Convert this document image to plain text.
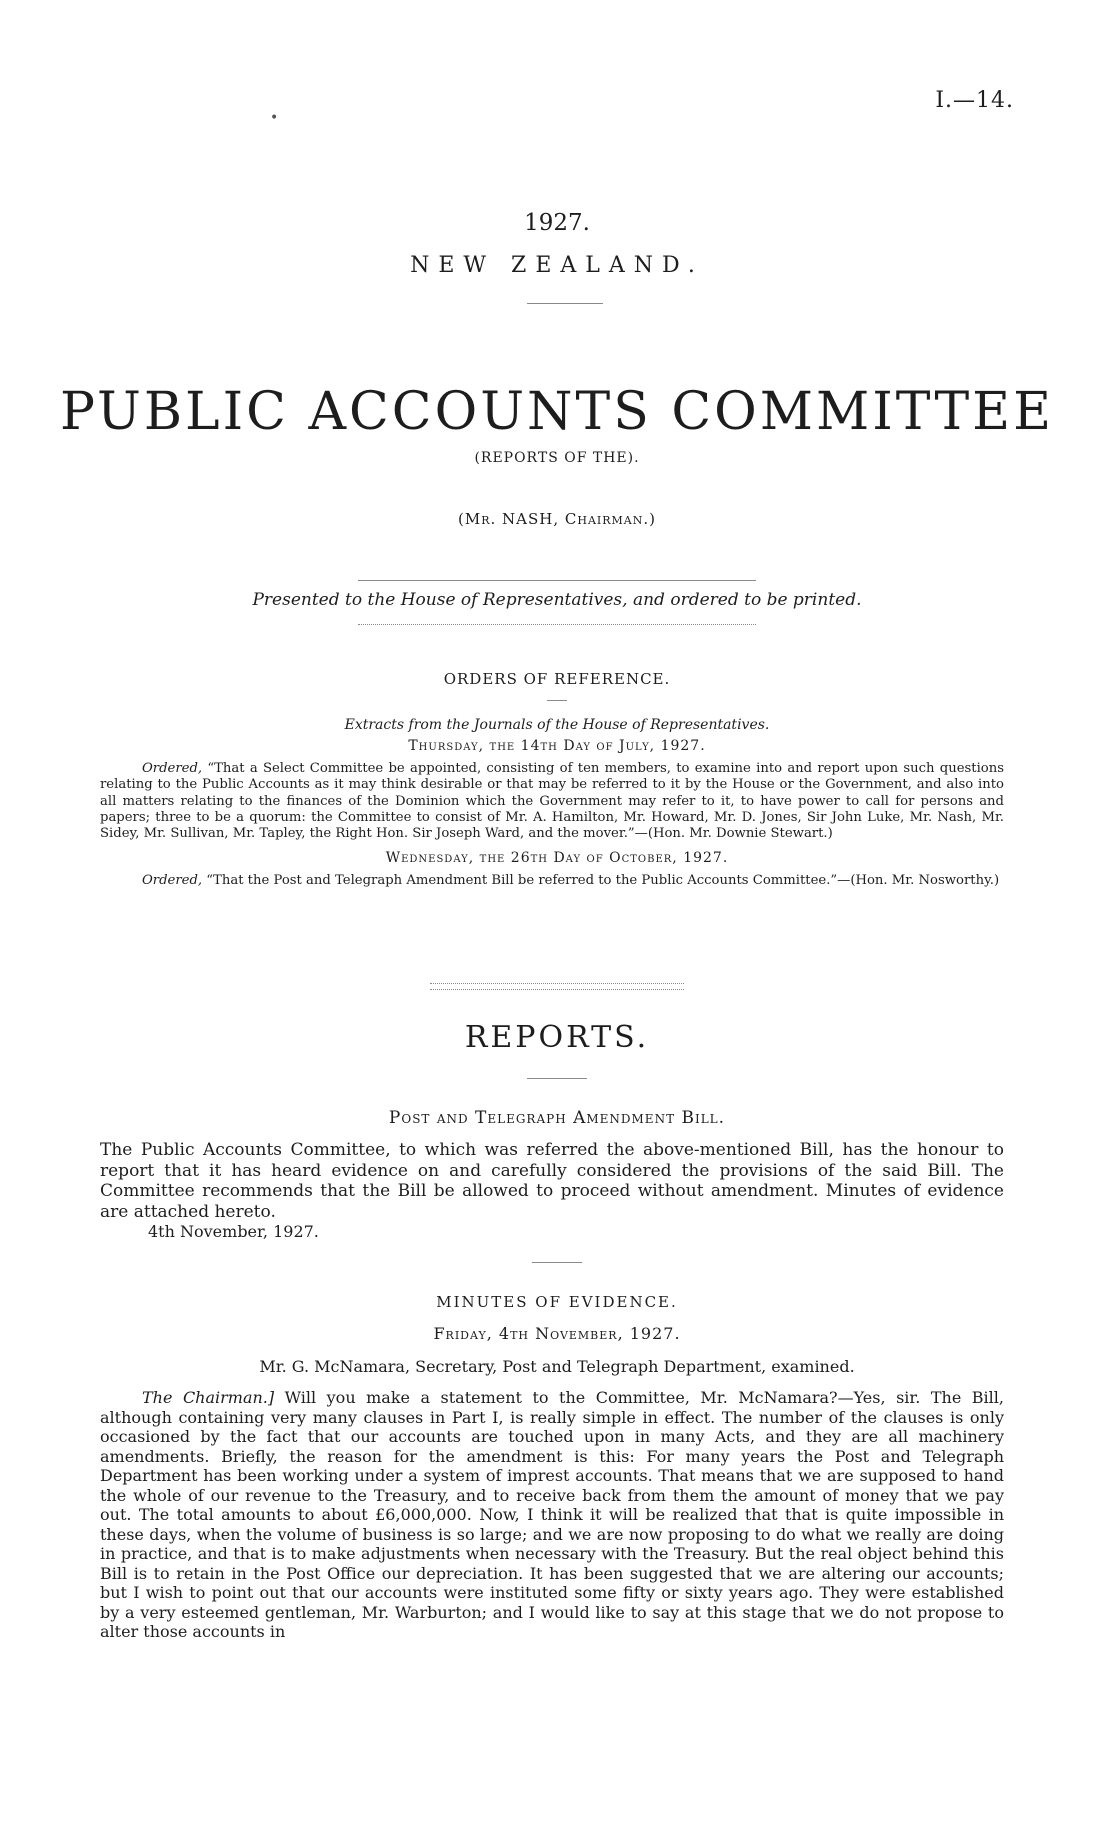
I.—14.
•
1927.
NEW ZEALAND.
PUBLIC ACCOUNTS COMMITTEE
(REPORTS OF THE).
(Mr. NASH, Chairman.)
Presented to the House of Representatives, and ordered to be printed.
ORDERS OF REFERENCE.
Extracts from the Journals of the House of Representatives.
Thursday, the 14th Day of July, 1927.
Ordered, “That a Select Committee be appointed, consisting of ten members, to examine into and report upon such questions relating to the Public Accounts as it may think desirable or that may be referred to it by the House or the Government, and also into all matters relating to the finances of the Dominion which the Government may refer to it, to have power to call for persons and papers; three to be a quorum: the Committee to consist of Mr. A. Hamilton, Mr. Howard, Mr. D. Jones, Sir John Luke, Mr. Nash, Mr. Sidey, Mr. Sullivan, Mr. Tapley, the Right Hon. Sir Joseph Ward, and the mover.”—(Hon. Mr. Downie Stewart.)
Wednesday, the 26th Day of October, 1927.
Ordered, “That the Post and Telegraph Amendment Bill be referred to the Public Accounts Committee.”—(Hon. Mr. Nosworthy.)
REPORTS.
Post and Telegraph Amendment Bill.
The Public Accounts Committee, to which was referred the above-mentioned Bill, has the honour to report that it has heard evidence on and carefully considered the provisions of the said Bill. The Committee recommends that the Bill be allowed to proceed without amendment. Minutes of evidence are attached hereto.
4th November, 1927.
MINUTES OF EVIDENCE.
Friday, 4th November, 1927.
Mr. G. McNamara, Secretary, Post and Telegraph Department, examined.
The Chairman.] Will you make a statement to the Committee, Mr. McNamara?—Yes, sir. The Bill, although containing very many clauses in Part I, is really simple in effect. The number of the clauses is only occasioned by the fact that our accounts are touched upon in many Acts, and they are all machinery amendments. Briefly, the reason for the amendment is this: For many years the Post and Telegraph Department has been working under a system of imprest accounts. That means that we are supposed to hand the whole of our revenue to the Treasury, and to receive back from them the amount of money that we pay out. The total amounts to about £6,000,000. Now, I think it will be realized that that is quite impossible in these days, when the volume of business is so large; and we are now proposing to do what we really are doing in practice, and that is to make adjustments when necessary with the Treasury. But the real object behind this Bill is to retain in the Post Office our depreciation. It has been suggested that we are altering our accounts; but I wish to point out that our accounts were instituted some fifty or sixty years ago. They were established by a very esteemed gentleman, Mr. Warburton; and I would like to say at this stage that we do not propose to alter those accounts in
